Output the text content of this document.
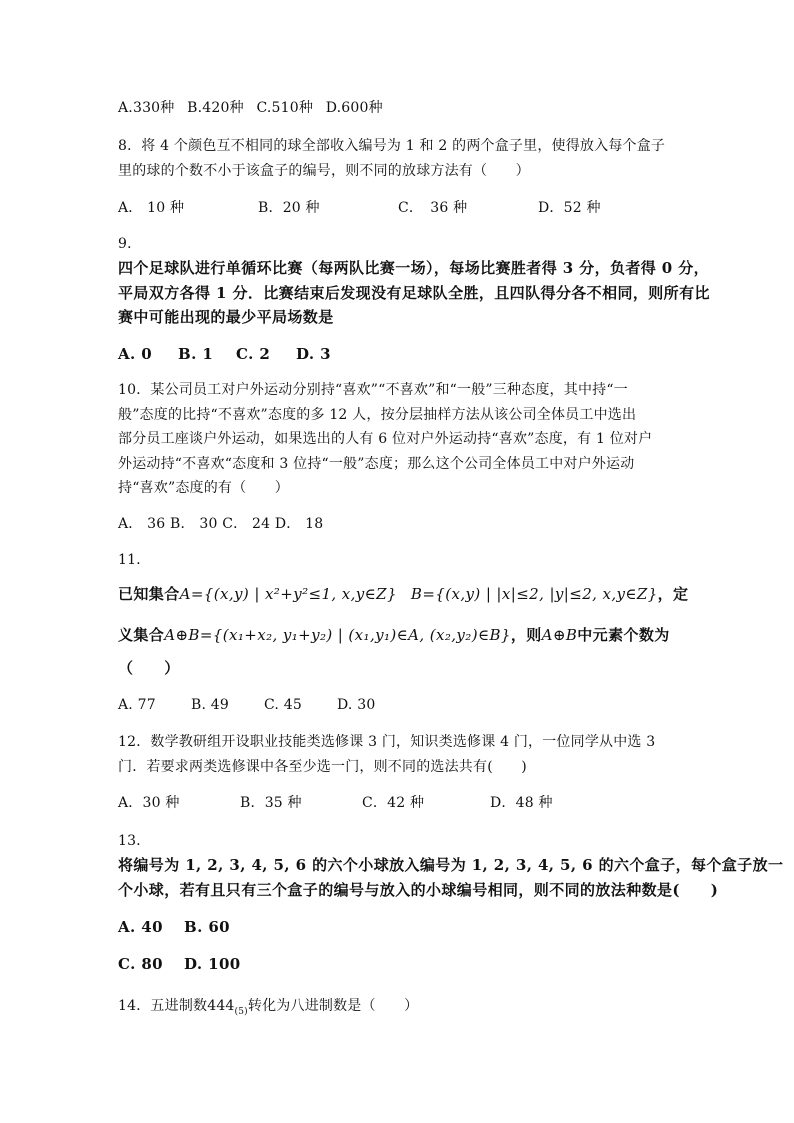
A.330种 B.420种 C.510种 D.600种

8．将 4 个颜色互不相同的球全部收入编号为 1 和 2 的两个盒子里，使得放入每个盒子

里的球的个数不小于该盒子的编号，则不同的放球方法有（　　）

A． 10 种	B．20 种	C．　36 种	D．52 种

9．

四个足球队进行单循环比赛（每两队比赛一场），每场比赛胜者得 3 分，负者得 0 分，

平局双方各得 1 分．比赛结束后发现没有足球队全胜，且四队得分各不相同，则所有比

赛中可能出现的最少平局场数是

A. 0 B. 1 C. 2 D. 3

10．某公司员工对户外运动分别持“喜欢”“不喜欢”和“一般”三种态度，其中持“一

般”态度的比持“不喜欢”态度的多 12 人，按分层抽样方法从该公司全体员工中选出

部分员工座谈户外运动，如果选出的人有 6 位对户外运动持“喜欢”态度，有 1 位对户

外运动持“不喜欢“态度和 3 位持“一般”态度；那么这个公司全体员工中对户外运动

持“喜欢”态度的有（　　）

A． 36 B． 30 C． 24 D． 18

11．

已知集合A={(x,y) | x²+y²≤1, x,y∈Z} B={(x,y) | |x|≤2, |y|≤2, x,y∈Z}，定

义集合A⊕B={(x₁+x₂, y₁+y₂) | (x₁,y₁)∈A, (x₂,y₂)∈B}，则A⊕B中元素个数为

（　　）

A. 77	B. 49 C. 45	D. 30

12．数学教研组开设职业技能类选修课 3 门，知识类选修课 4 门，一位同学从中选 3

门．若要求两类选修课中各至少选一门，则不同的选法共有(　　)

A．30 种	B．35 种	C．42 种	D．48 种

13．

将编号为 1, 2, 3, 4, 5, 6 的六个小球放入编号为 1, 2, 3, 4, 5, 6 的六个盒子，每个盒子放一

个小球，若有且只有三个盒子的编号与放入的小球编号相同，则不同的放法种数是(　　)

A. 40 B. 60

C. 80 D. 100

14．五进制数$444_{(5)}$转化为八进制数是（　　）
